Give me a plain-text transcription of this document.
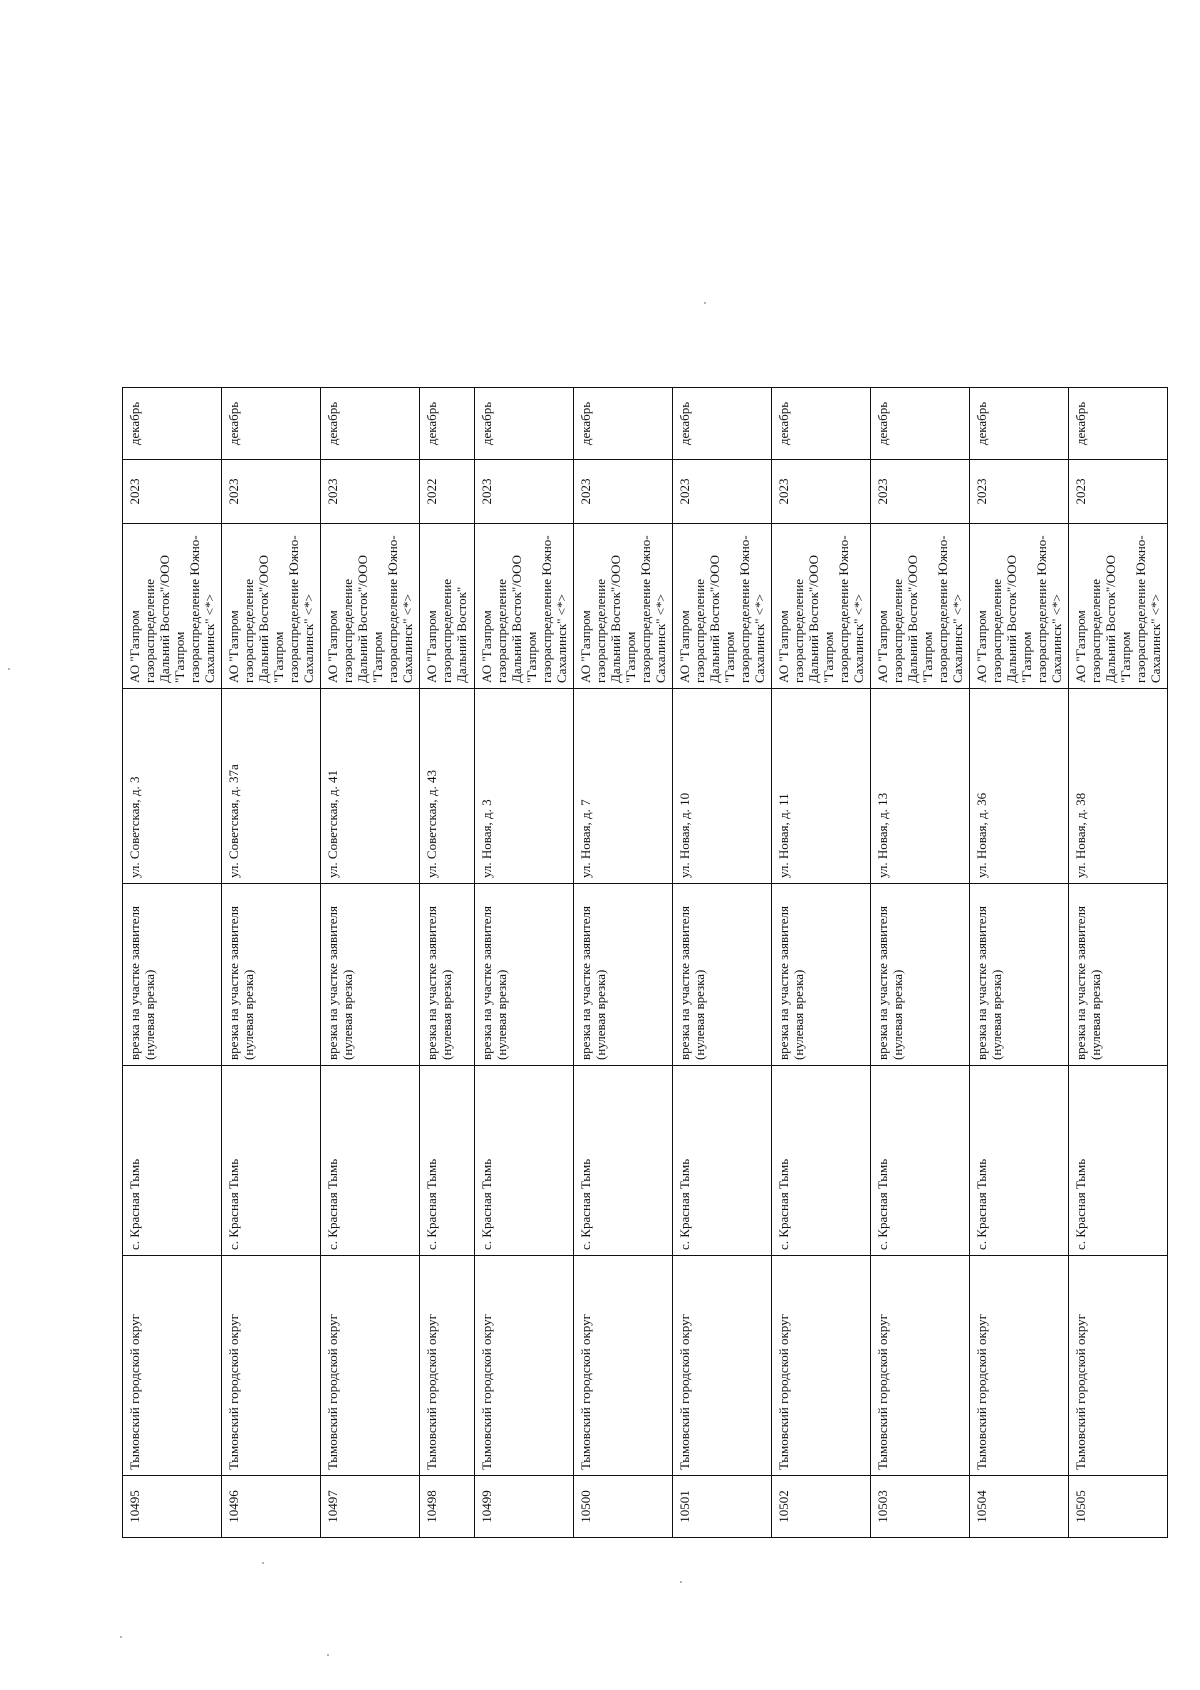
10495	Тымовский городской округ	с. Красная Тымь	врезка на участке заявителя (нулевая врезка)	ул. Советская, д. 3	АО "Газпром газораспределение Дальний Восток"/ООО "Газпром газораспределение Южно-Сахалинск" <*>	2023	декабрь
10496	Тымовский городской округ	с. Красная Тымь	врезка на участке заявителя (нулевая врезка)	ул. Советская, д. 37а	АО "Газпром газораспределение Дальний Восток"/ООО "Газпром газораспределение Южно-Сахалинск" <*>	2023	декабрь
10497	Тымовский городской округ	с. Красная Тымь	врезка на участке заявителя (нулевая врезка)	ул. Советская, д. 41	АО "Газпром газораспределение Дальний Восток"/ООО "Газпром газораспределение Южно-Сахалинск" <*>	2023	декабрь
10498	Тымовский городской округ	с. Красная Тымь	врезка на участке заявителя (нулевая врезка)	ул. Советская, д. 43	АО "Газпром газораспределение Дальний Восток"	2022	декабрь
10499	Тымовский городской округ	с. Красная Тымь	врезка на участке заявителя (нулевая врезка)	ул. Новая, д. 3	АО "Газпром газораспределение Дальний Восток"/ООО "Газпром газораспределение Южно-Сахалинск" <*>	2023	декабрь
10500	Тымовский городской округ	с. Красная Тымь	врезка на участке заявителя (нулевая врезка)	ул. Новая, д. 7	АО "Газпром газораспределение Дальний Восток"/ООО "Газпром газораспределение Южно-Сахалинск" <*>	2023	декабрь
10501	Тымовский городской округ	с. Красная Тымь	врезка на участке заявителя (нулевая врезка)	ул. Новая, д. 10	АО "Газпром газораспределение Дальний Восток"/ООО "Газпром газораспределение Южно-Сахалинск" <*>	2023	декабрь
10502	Тымовский городской округ	с. Красная Тымь	врезка на участке заявителя (нулевая врезка)	ул. Новая, д. 11	АО "Газпром газораспределение Дальний Восток"/ООО "Газпром газораспределение Южно-Сахалинск" <*>	2023	декабрь
10503	Тымовский городской округ	с. Красная Тымь	врезка на участке заявителя (нулевая врезка)	ул. Новая, д. 13	АО "Газпром газораспределение Дальний Восток"/ООО "Газпром газораспределение Южно-Сахалинск" <*>	2023	декабрь
10504	Тымовский городской округ	с. Красная Тымь	врезка на участке заявителя (нулевая врезка)	ул. Новая, д. 36	АО "Газпром газораспределение Дальний Восток"/ООО "Газпром газораспределение Южно-Сахалинск" <*>	2023	декабрь
10505	Тымовский городской округ	с. Красная Тымь	врезка на участке заявителя (нулевая врезка)	ул. Новая, д. 38	АО "Газпром газораспределение Дальний Восток"/ООО "Газпром газораспределение Южно-Сахалинск" <*>	2023	декабрь
